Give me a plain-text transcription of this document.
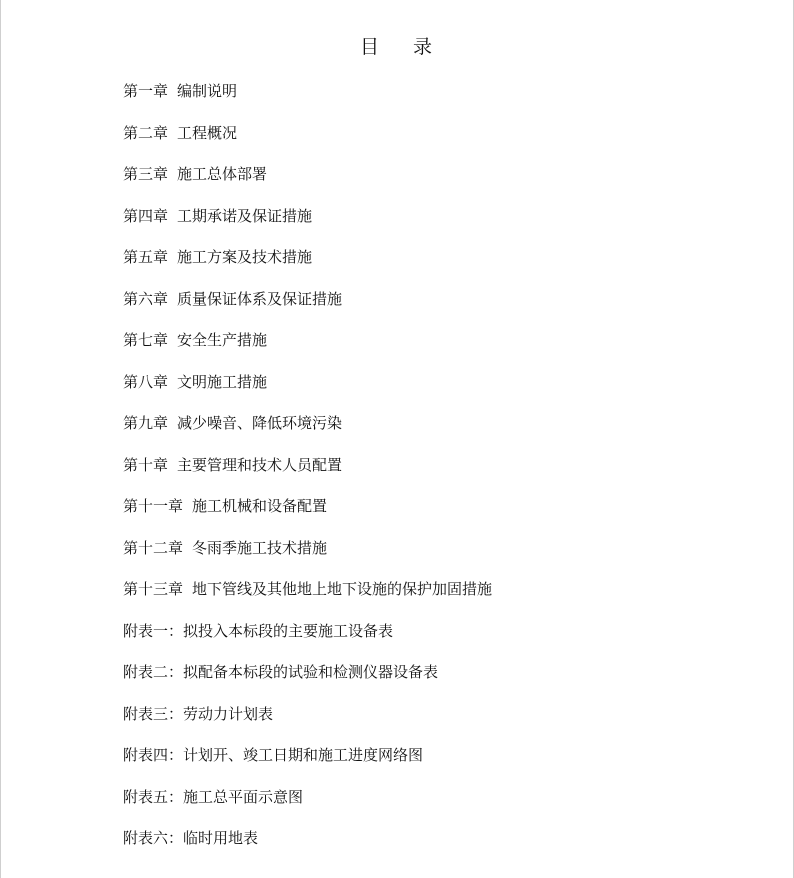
目 录
第一章 编制说明
第二章 工程概况
第三章 施工总体部署
第四章 工期承诺及保证措施
第五章 施工方案及技术措施
第六章 质量保证体系及保证措施
第七章 安全生产措施
第八章 文明施工措施
第九章 减少噪音、降低环境污染
第十章 主要管理和技术人员配置
第十一章 施工机械和设备配置
第十二章 冬雨季施工技术措施
第十三章 地下管线及其他地上地下设施的保护加固措施
附表一：拟投入本标段的主要施工设备表
附表二：拟配备本标段的试验和检测仪器设备表
附表三：劳动力计划表
附表四：计划开、竣工日期和施工进度网络图
附表五：施工总平面示意图
附表六：临时用地表
